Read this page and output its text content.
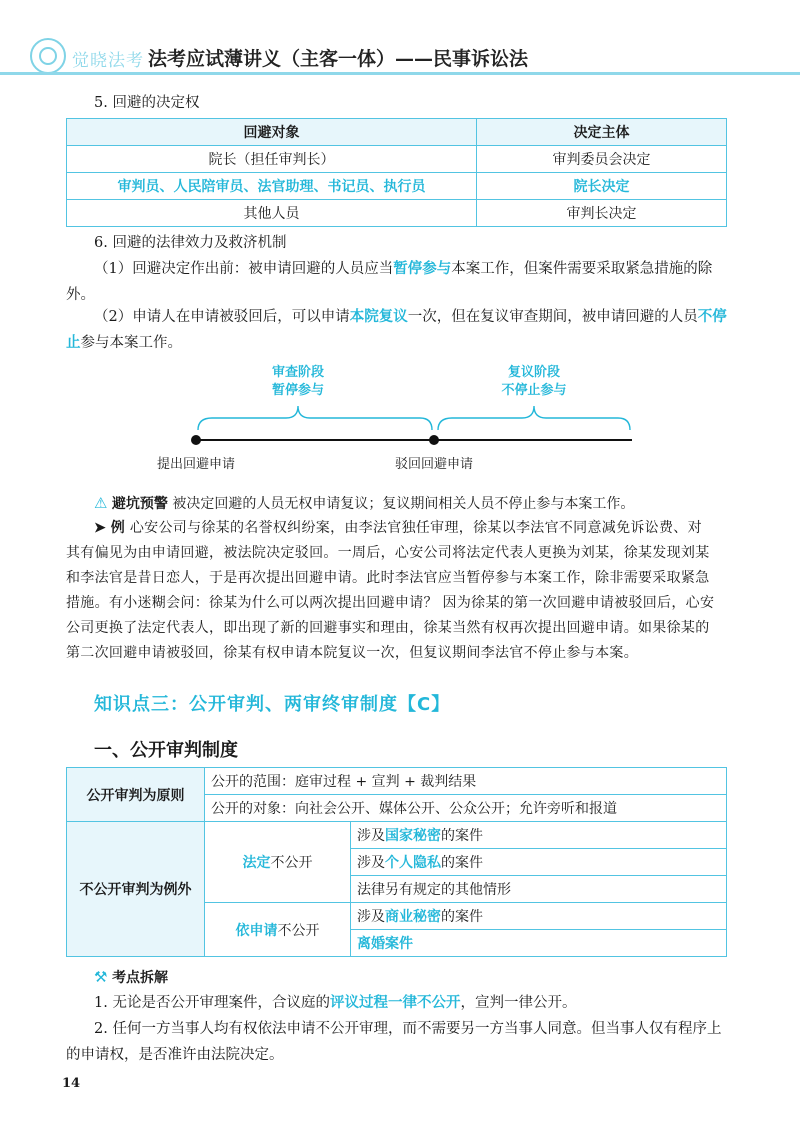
觉晓法考 法考应试薄讲义（主客一体）——民事诉讼法
5. 回避的决定权
回避对象	决定主体
院长（担任审判长）	审判委员会决定
审判员、人民陪审员、法官助理、书记员、执行员	院长决定
其他人员	审判长决定
6. 回避的法律效力及救济机制
（1）回避决定作出前：被申请回避的人员应当暂停参与本案工作，但案件需要采取紧急措施的除
外。
（2）申请人在申请被驳回后，可以申请本院复议一次，但在复议审查期间，被申请回避的人员不停
止参与本案工作。
审查阶段
暂停参与
复议阶段
不停止参与
提出回避申请	驳回回避申请
⚠ 避坑预警 被决定回避的人员无权申请复议；复议期间相关人员不停止参与本案工作。
➤ 例 心安公司与徐某的名誉权纠纷案，由李法官独任审理，徐某以李法官不同意减免诉讼费、对
其有偏见为由申请回避，被法院决定驳回。一周后，心安公司将法定代表人更换为刘某，徐某发现刘某
和李法官是昔日恋人，于是再次提出回避申请。此时李法官应当暂停参与本案工作，除非需要采取紧急
措施。有小迷糊会问：徐某为什么可以两次提出回避申请？ 因为徐某的第一次回避申请被驳回后，心安
公司更换了法定代表人，即出现了新的回避事实和理由，徐某当然有权再次提出回避申请。如果徐某的
第二次回避申请被驳回，徐某有权申请本院复议一次，但复议期间李法官不停止参与本案。
知识点三：公开审判、两审终审制度【C】
一、公开审判制度
公开审判为原则	公开的范围：庭审过程 + 宣判 + 裁判结果	
	公开的对象：向社会公开、媒体公开、公众公开；允许旁听和报道	
不公开审判为例外	法定不公开	涉及国家秘密的案件
		涉及个人隐私的案件
		法律另有规定的其他情形
	依申请不公开	涉及商业秘密的案件
		离婚案件
⚒ 考点拆解
1. 无论是否公开审理案件，合议庭的评议过程一律不公开，宣判一律公开。
2. 任何一方当事人均有权依法申请不公开审理，而不需要另一方当事人同意。但当事人仅有程序上
的申请权，是否准许由法院决定。
14
